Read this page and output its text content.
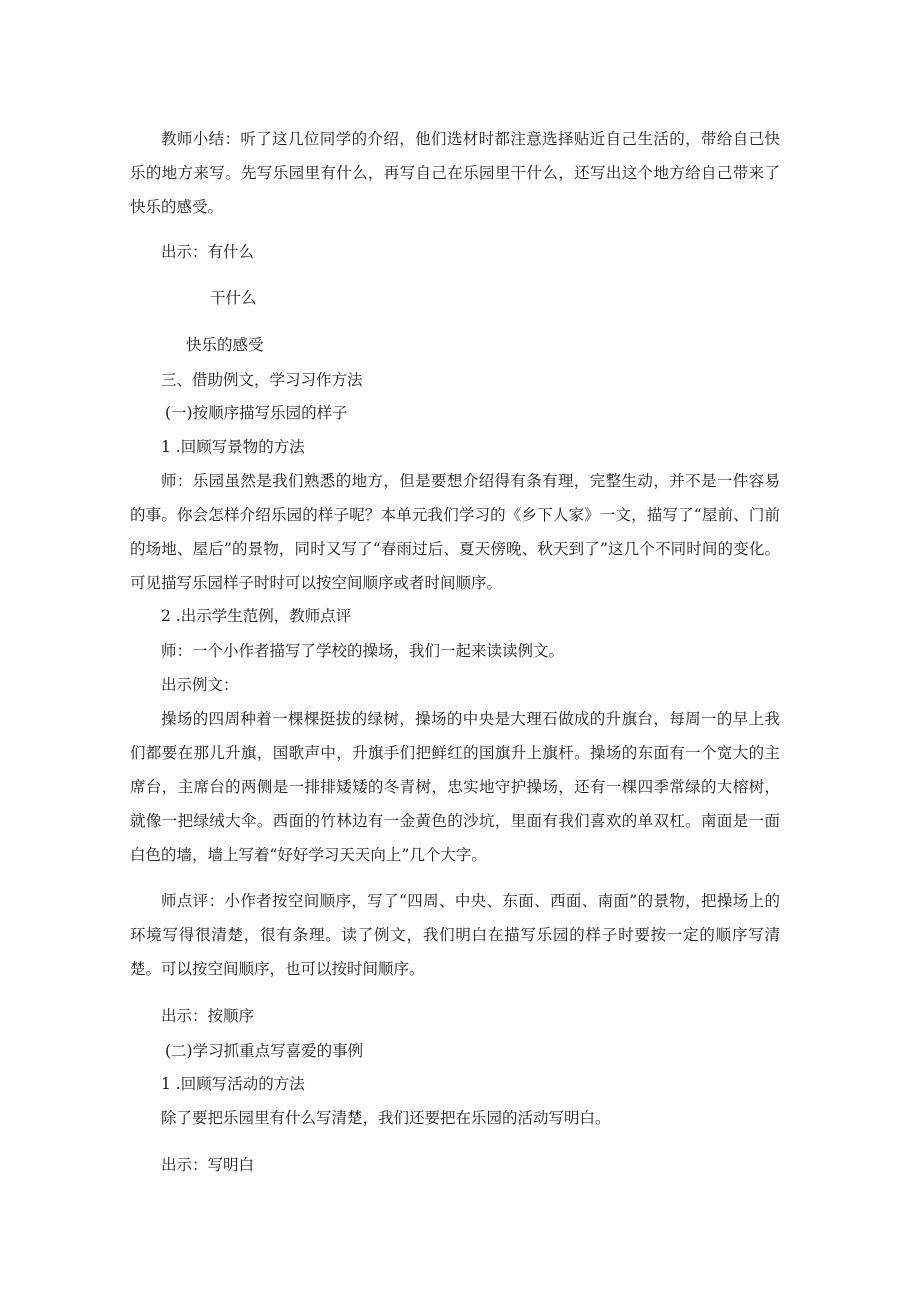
教师小结：听了这几位同学的介绍，他们选材时都注意选择贴近自己生活的，带给自己快乐的地方来写。先写乐园里有什么，再写自己在乐园里干什么，还写出这个地方给自己带来了快乐的感受。

出示：有什么

干什么

快乐的感受

三、借助例文，学习习作方法

(一)按顺序描写乐园的样子

1 .回顾写景物的方法

师：乐园虽然是我们熟悉的地方，但是要想介绍得有条有理，完整生动，并不是一件容易的事。你会怎样介绍乐园的样子呢？本单元我们学习的《乡下人家》一文，描写了“屋前、门前的场地、屋后”的景物，同时又写了“春雨过后、夏天傍晚、秋天到了”这几个不同时间的变化。可见描写乐园样子时时可以按空间顺序或者时间顺序。

2 .出示学生范例，教师点评

师：一个小作者描写了学校的操场，我们一起来读读例文。

出示例文：

操场的四周种着一棵棵挺拔的绿树，操场的中央是大理石做成的升旗台，每周一的早上我们都要在那儿升旗，国歌声中，升旗手们把鲜红的国旗升上旗杆。操场的东面有一个宽大的主席台，主席台的两侧是一排排矮矮的冬青树，忠实地守护操场，还有一棵四季常绿的大榕树，就像一把绿绒大伞。西面的竹林边有一金黄色的沙坑，里面有我们喜欢的单双杠。南面是一面白色的墙，墙上写着“好好学习天天向上”几个大字。

师点评：小作者按空间顺序，写了“四周、中央、东面、西面、南面”的景物，把操场上的环境写得很清楚，很有条理。读了例文，我们明白在描写乐园的样子时要按一定的顺序写清楚。可以按空间顺序，也可以按时间顺序。

出示：按顺序

(二)学习抓重点写喜爱的事例

1 .回顾写活动的方法

除了要把乐园里有什么写清楚，我们还要把在乐园的活动写明白。

出示：写明白
